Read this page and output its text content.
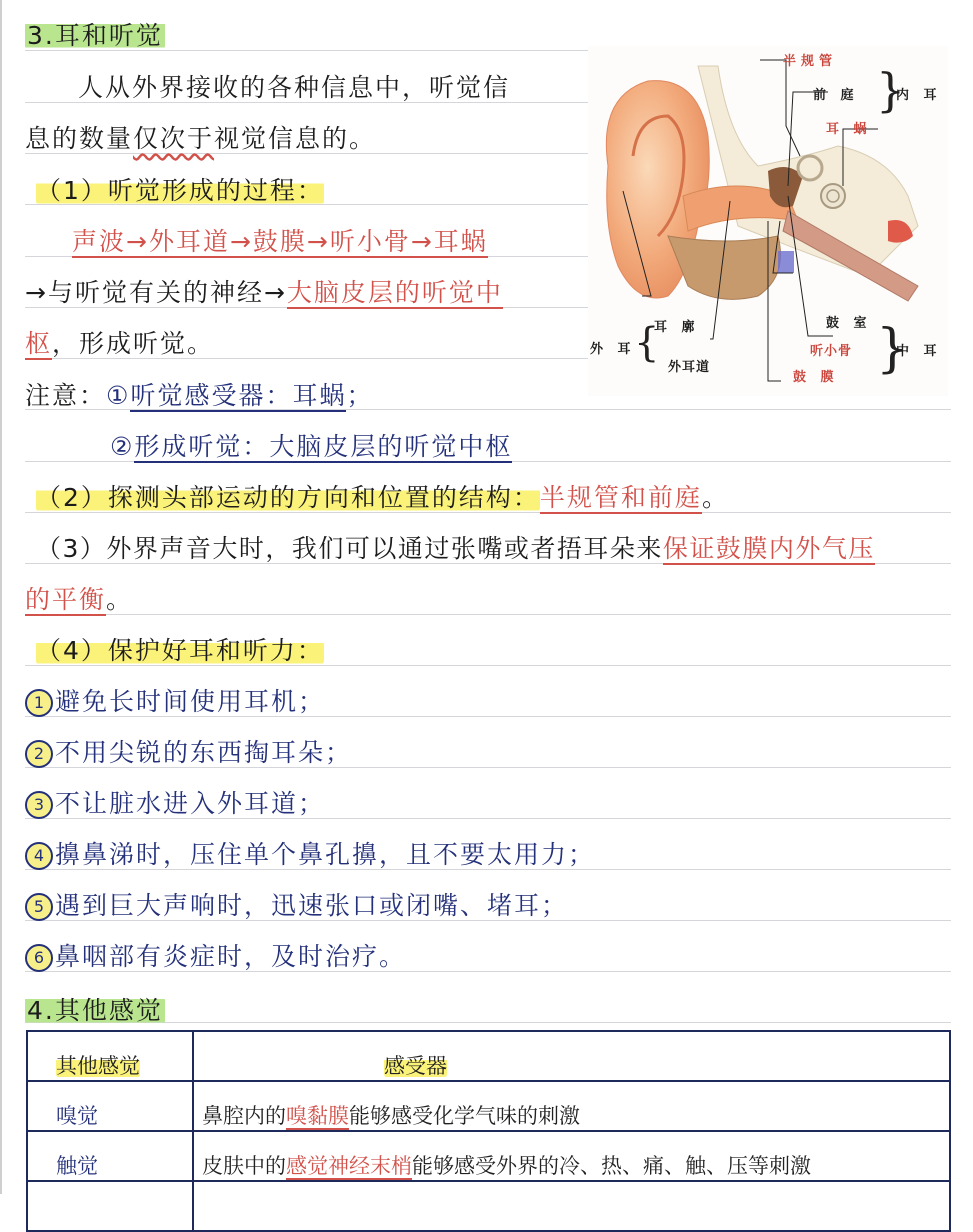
3.耳和听觉
人从外界接收的各种信息中，听觉信
息的数量仅次于视觉信息的。
（1）听觉形成的过程：
声波→外耳道→鼓膜→听小骨→耳蜗
→与听觉有关的神经→大脑皮层的听觉中
枢，形成听觉。
注意：①听觉感受器：耳蜗；
②形成听觉：大脑皮层的听觉中枢
（2）探测头部运动的方向和位置的结构：半规管和前庭。
（3）外界声音大时，我们可以通过张嘴或者捂耳朵来保证鼓膜内外气压
的平衡。
（4）保护好耳和听力：
1 避免长时间使用耳机；
2 不用尖锐的东西掏耳朵；
3 不让脏水进入外耳道；
4 擤鼻涕时，压住单个鼻孔擤，且不要太用力；
5 遇到巨大声响时，迅速张口或闭嘴、堵耳；
6 鼻咽部有炎症时，及时治疗。
}
}
{
半规管
前 庭
耳 蜗
内 耳
耳 廓
外 耳
外耳道
鼓 室
听小骨
鼓 膜
中 耳
4.其他感觉
其他感觉	感受器
嗅觉	鼻腔内的嗅黏膜能够感受化学气味的刺激
触觉	皮肤中的感觉神经末梢能够感受外界的冷、热、痛、触、压等刺激
